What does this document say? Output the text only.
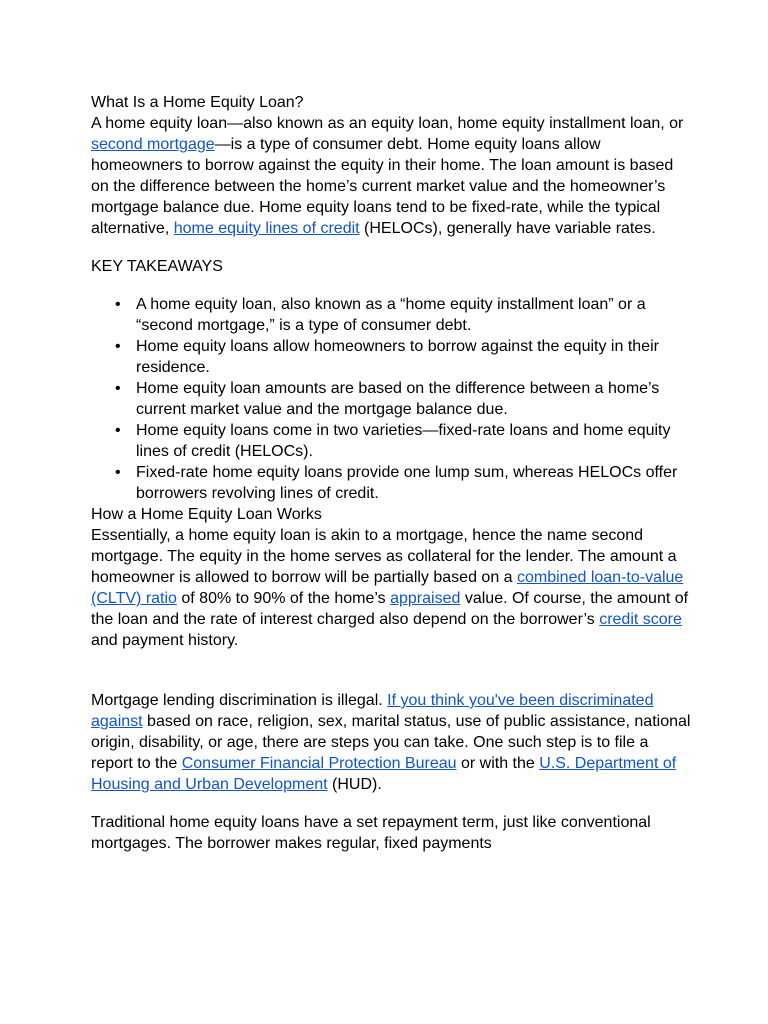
What Is a Home Equity Loan?

A home equity loan—also known as an equity loan, home equity installment loan, or second mortgage—is a type of consumer debt. Home equity loans allow homeowners to borrow against the equity in their home. The loan amount is based on the difference between the home’s current market value and the homeowner’s mortgage balance due. Home equity loans tend to be fixed-rate, while the typical alternative, home equity lines of credit (HELOCs), generally have variable rates.

KEY TAKEAWAYS

• A home equity loan, also known as a “home equity installment loan” or a “second mortgage,” is a type of consumer debt.
• Home equity loans allow homeowners to borrow against the equity in their residence.
• Home equity loan amounts are based on the difference between a home’s current market value and the mortgage balance due.
• Home equity loans come in two varieties—fixed-rate loans and home equity lines of credit (HELOCs).
• Fixed-rate home equity loans provide one lump sum, whereas HELOCs offer borrowers revolving lines of credit.

How a Home Equity Loan Works

Essentially, a home equity loan is akin to a mortgage, hence the name second mortgage. The equity in the home serves as collateral for the lender. The amount a homeowner is allowed to borrow will be partially based on a combined loan-to-value (CLTV) ratio of 80% to 90% of the home’s appraised value. Of course, the amount of the loan and the rate of interest charged also depend on the borrower’s credit score and payment history.

Mortgage lending discrimination is illegal. If you think you've been discriminated against based on race, religion, sex, marital status, use of public assistance, national origin, disability, or age, there are steps you can take. One such step is to file a report to the Consumer Financial Protection Bureau or with the U.S. Department of Housing and Urban Development (HUD).

Traditional home equity loans have a set repayment term, just like conventional mortgages. The borrower makes regular, fixed payments
